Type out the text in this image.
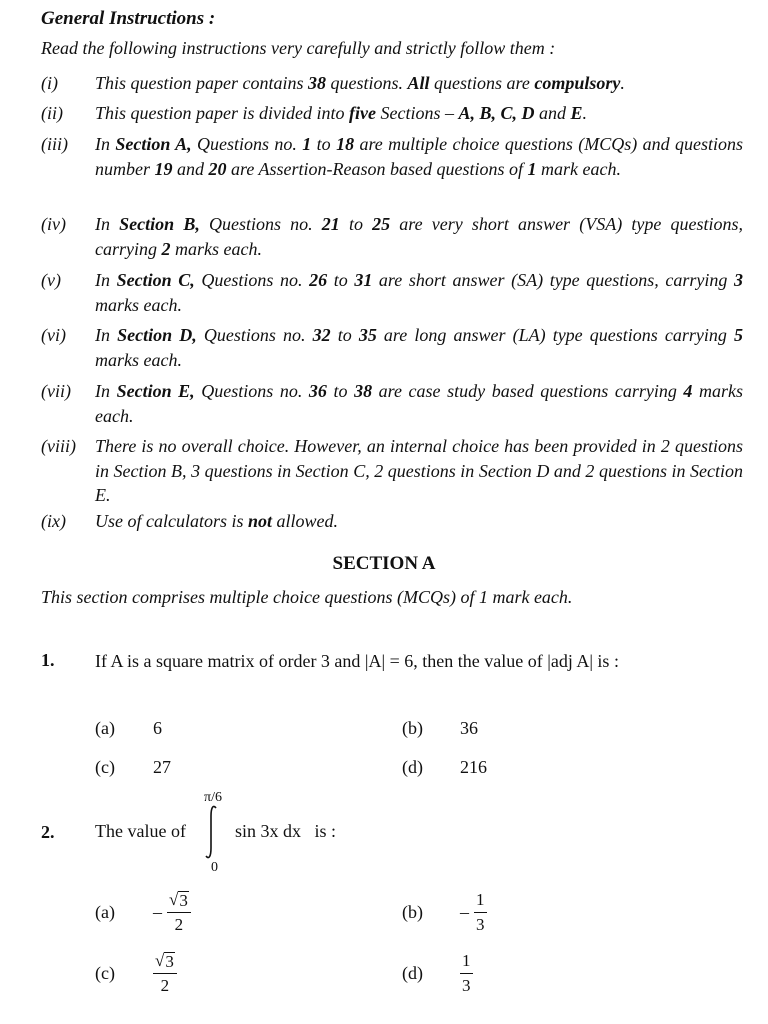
General Instructions :
Read the following instructions very carefully and strictly follow them :
(i) This question paper contains 38 questions. All questions are compulsory.
(ii) This question paper is divided into five Sections – A, B, C, D and E.
(iii) In Section A, Questions no. 1 to 18 are multiple choice questions (MCQs) and questions number 19 and 20 are Assertion-Reason based questions of 1 mark each.
(iv) In Section B, Questions no. 21 to 25 are very short answer (VSA) type questions, carrying 2 marks each.
(v) In Section C, Questions no. 26 to 31 are short answer (SA) type questions, carrying 3 marks each.
(vi) In Section D, Questions no. 32 to 35 are long answer (LA) type questions carrying 5 marks each.
(vii) In Section E, Questions no. 36 to 38 are case study based questions carrying 4 marks each.
(viii) There is no overall choice. However, an internal choice has been provided in 2 questions in Section B, 3 questions in Section C, 2 questions in Section D and 2 questions in Section E.
(ix) Use of calculators is not allowed.
SECTION A
This section comprises multiple choice questions (MCQs) of 1 mark each.
1. If A is a square matrix of order 3 and |A| = 6, then the value of |adj A| is :
(a) 6	(b) 36
(c) 27	(d) 216
2. The value of
π/6
0
sin 3x dx is :
$(a) - \frac{√ 3}{2}$	$(b) - \frac{1}{3}$
$(c) \frac{√ 3}{2}$	$(d) \frac{1}{3}$
